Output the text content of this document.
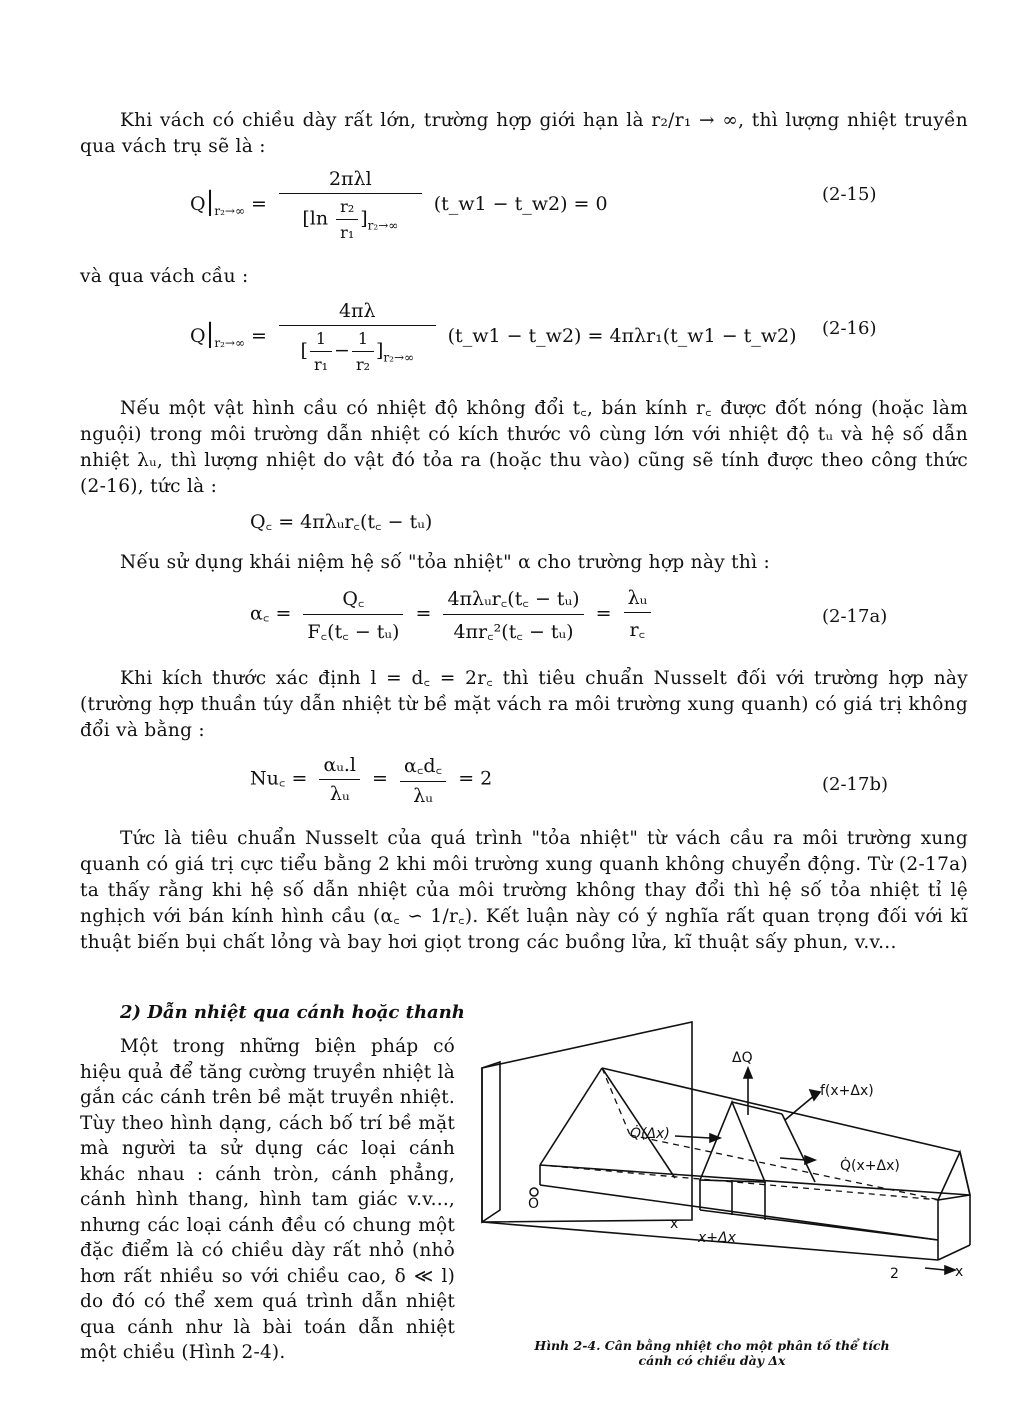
Khi vách có chiều dày rất lớn, trường hợp giới hạn là r₂/r₁ → ∞, thì lượng nhiệt truyền qua vách trụ sẽ là :
$Q|_{r_2\to\infty} = \frac{\text{2πλl}}{[\ln \frac{\text{r₂}}{\text{r₁}} ]_{r_2\to\infty}}$ (t_w1 − t_w2) = 0	(2-15)
và qua vách cầu :
$Q|_{r_2\to\infty} = \frac{4\pi\lambda}{[ \frac{1}{\text{r₁}} - \frac{1}{\text{r₂}} ]_{r_2\to\infty}}$ (t_w1 − t_w2) = 4πλr₁(t_w1 − t_w2) (2-16)
Nếu một vật hình cầu có nhiệt độ không đổi t꜀, bán kính r꜀ được đốt nóng (hoặc làm nguội) trong môi trường dẫn nhiệt có kích thước vô cùng lớn với nhiệt độ tᵤ và hệ số dẫn nhiệt λᵤ, thì lượng nhiệt do vật đó tỏa ra (hoặc thu vào) cũng sẽ tính được theo công thức (2-16), tức là :
Q꜀ = 4πλᵤr꜀(t꜀ − tᵤ)
Nếu sử dụng khái niệm hệ số "tỏa nhiệt" α cho trường hợp này thì :
α꜀ = $\frac{Q꜀}{\text{F꜀(t꜀ − tᵤ)}} = \frac{\text{4πλᵤr꜀(t꜀ − tᵤ)}}{\text{4πr꜀²(t꜀ − tᵤ)}} = \frac{\text{λᵤ}}{r꜀}$	(2-17a)
Khi kích thước xác định l = d꜀ = 2r꜀ thì tiêu chuẩn Nusselt đối với trường hợp này (trường hợp thuần túy dẫn nhiệt từ bề mặt vách ra môi trường xung quanh) có giá trị không đổi và bằng :
Nu꜀ = $\frac{\text{αᵤ.l}}{\text{λᵤ}} = \frac{\alpha꜀d꜀}{\text{λᵤ}} = 2$	(2-17b)
Tức là tiêu chuẩn Nusselt của quá trình "tỏa nhiệt" từ vách cầu ra môi trường xung quanh có giá trị cực tiểu bằng 2 khi môi trường xung quanh không chuyển động. Từ (2-17a) ta thấy rằng khi hệ số dẫn nhiệt của môi trường không thay đổi thì hệ số tỏa nhiệt tỉ lệ nghịch với bán kính hình cầu (α꜀ ∽ 1/r꜀). Kết luận này có ý nghĩa rất quan trọng đối với kĩ thuật biến bụi chất lỏng và bay hơi giọt trong các buồng lửa, kĩ thuật sấy phun, v.v...
2) Dẫn nhiệt qua cánh hoặc thanh
Một trong những biện pháp có hiệu quả để tăng cường truyền nhiệt là gắn các cánh trên bề mặt truyền nhiệt. Tùy theo hình dạng, cách bố trí bề mặt mà người ta sử dụng các loại cánh khác nhau : cánh tròn, cánh phẳng, cánh hình thang, hình tam giác v.v..., nhưng các loại cánh đều có chung một đặc điểm là có chiều dày rất nhỏ (nhỏ hơn rất nhiều so với chiều cao, δ ≪ l) do đó có thể xem quá trình dẫn nhiệt qua cánh như là bài toán dẫn nhiệt một chiều (Hình 2-4).
ΔQ
f(x+Δx)
Q̇(Δx)
Q̇(x+Δx)
O
x
x+Δx
2	x
Hình 2-4. Cân bằng nhiệt cho một phân tố thể tích
cánh có chiều dày Δx
